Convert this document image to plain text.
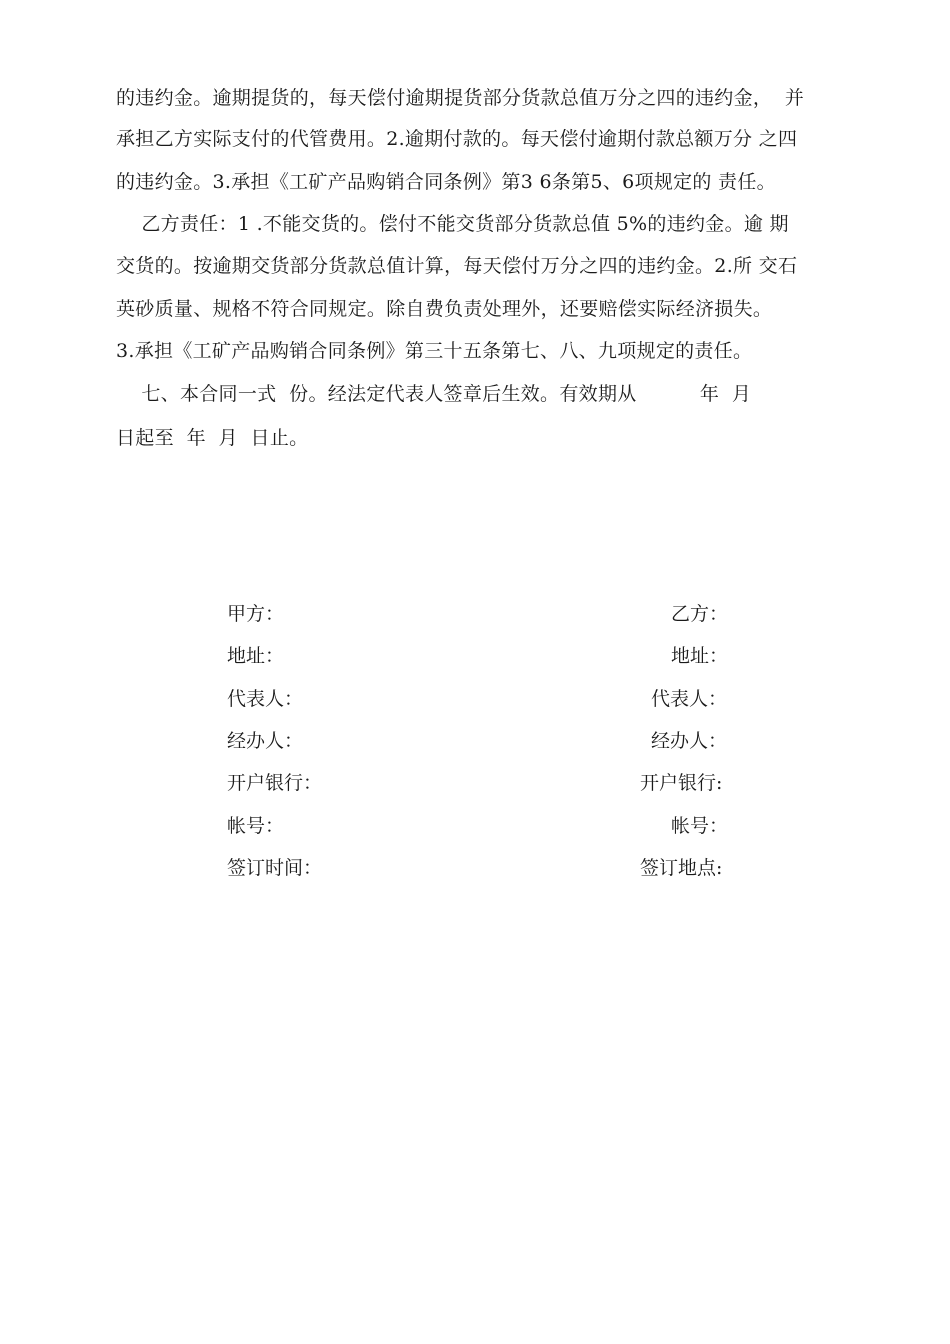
的违约金。逾期提货的，每天偿付逾期提货部分货款总值万分之四的违约金，  并
承担乙方实际支付的代管费用。2.逾期付款的。每天偿付逾期付款总额万分 之四
的违约金。3.承担《工矿产品购销合同条例》第3 6条第5、6项规定的 责任。
乙方责任：1 .不能交货的。偿付不能交货部分货款总值 5%的违约金。逾 期
交货的。按逾期交货部分货款总值计算，每天偿付万分之四的违约金。2.所 交石
英砂质量、规格不符合同规定。除自费负责处理外，还要赔偿实际经济损失。
3.承担《工矿产品购销合同条例》第三十五条第七、八、九项规定的责任。
七、本合同一式  份。经法定代表人签章后生效。有效期从          年  月
日起至  年  月  日止。
甲方：
地址：
代表人：
经办人：
开户银行：
帐号：
签订时间：
乙方：
地址：
代表人：
经办人：
开户银行:
帐号：
签订地点:
